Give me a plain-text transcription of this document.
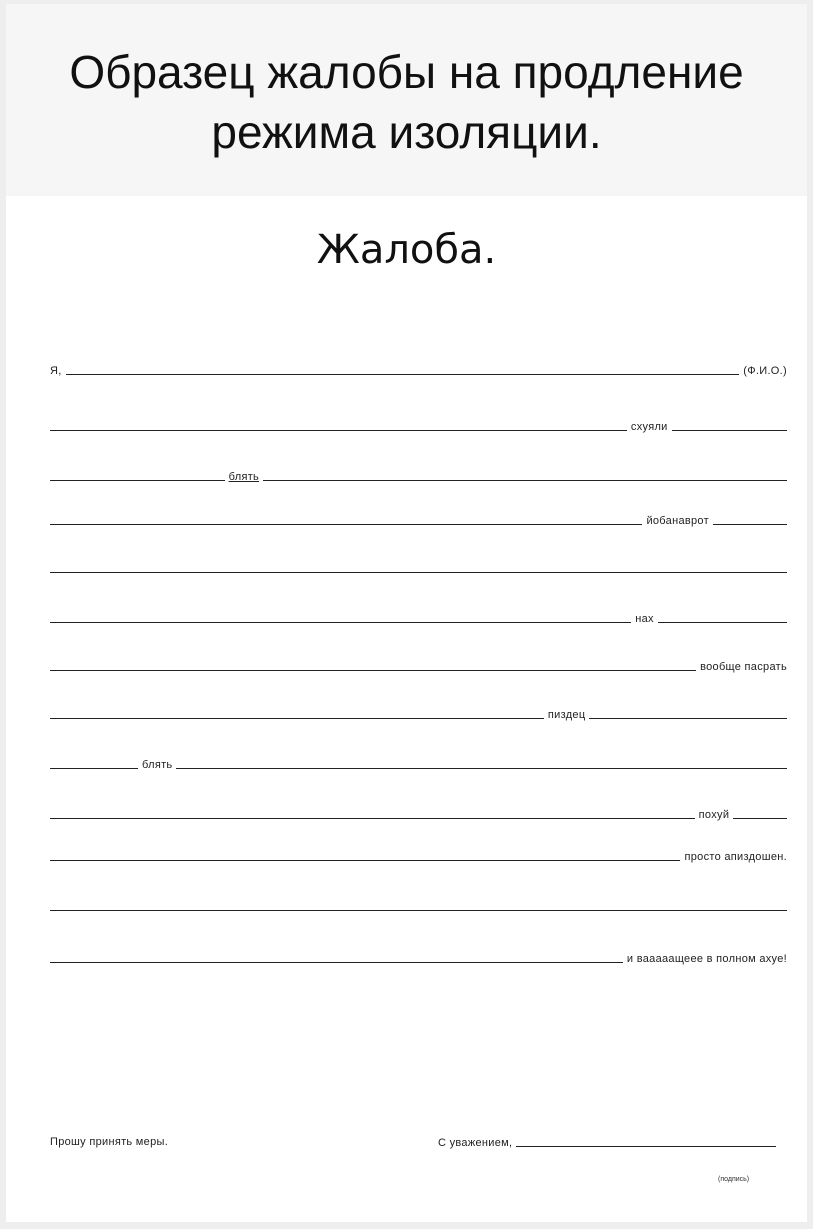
Образец жалобы на продление
режима изоляции.
Жалоба.
Я,	(Ф.И.О.)
схуяли
блять
йобанаврот
нах
вообще пасрать
пиздец
блять
похуй
просто апиздошен.
и вааааащеее в полном ахуе!
Прошу принять меры.	С уважением,
(подпись)
